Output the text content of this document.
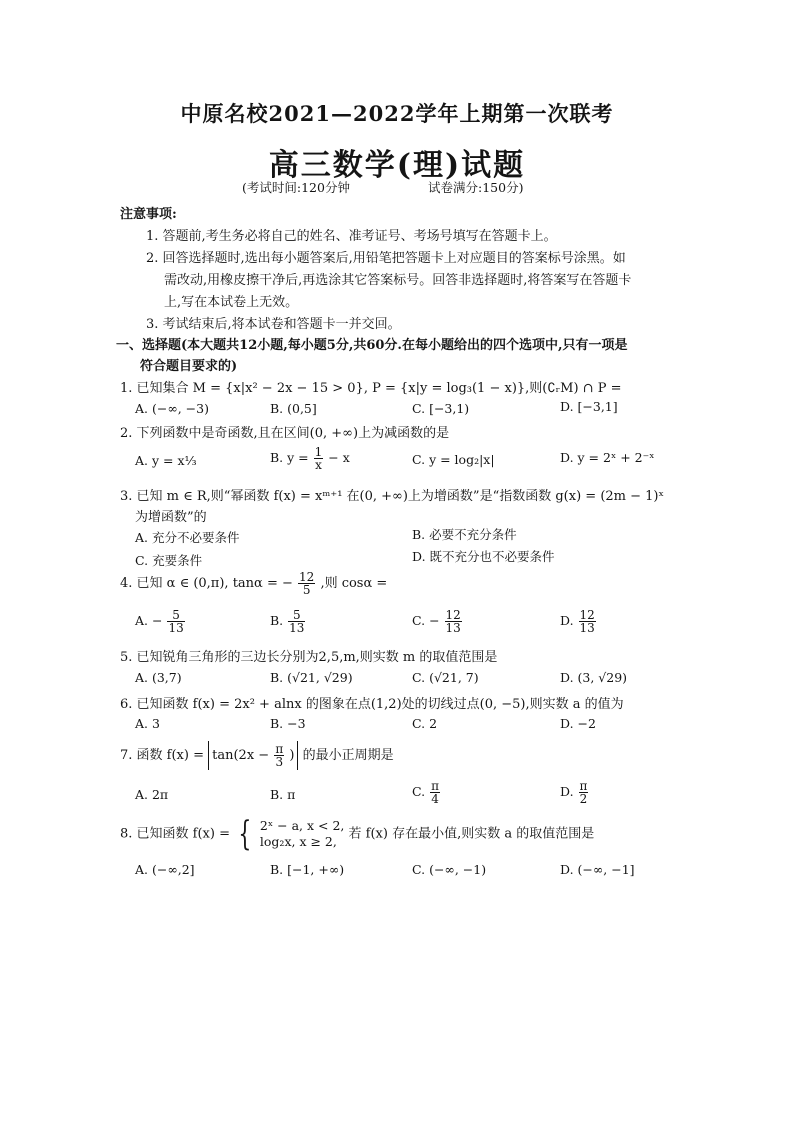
中原名校2021—2022学年上期第一次联考
高三数学(理)试题
(考试时间:120分钟	试卷满分:150分)
注意事项:
1. 答题前,考生务必将自己的姓名、准考证号、考场号填写在答题卡上。
2. 回答选择题时,选出每小题答案后,用铅笔把答题卡上对应题目的答案标号涂黑。如
需改动,用橡皮擦干净后,再选涂其它答案标号。回答非选择题时,将答案写在答题卡
上,写在本试卷上无效。
3. 考试结束后,将本试卷和答题卡一并交回。
一、选择题(本大题共12小题,每小题5分,共60分.在每小题给出的四个选项中,只有一项是
符合题目要求的)
1. 已知集合 M = {x|x² − 2x − 15 > 0}, P = {x|y = log₃(1 − x)},则(∁ᵣM) ∩ P =
A. (−∞, −3)	B. (0,5]	C. [−3,1)	D. [−3,1]
2. 下列函数中是奇函数,且在区间(0, +∞)上为减函数的是
A. y = x⅓	B. $y = \frac{1}{x} - x$	C. y = log₂|x|	D. y = 2ˣ + 2⁻ˣ
3. 已知 m ∈ R,则“幂函数 f(x) = xᵐ⁺¹ 在(0, +∞)上为增函数”是“指数函数 g(x) = (2m − 1)ˣ
为增函数”的
A. 充分不必要条件	B. 必要不充分条件
C. 充要条件	D. 既不充分也不必要条件
4. 已知 α ∈ (0,π), tanα = − $\frac{12}{5}$ ,则 cosα =
A. − $\frac{5}{13}$	B. $\frac{5}{13}$	C. − $\frac{12}{13}$	D. $\frac{12}{13}$
5. 已知锐角三角形的三边长分别为2,5,m,则实数 m 的取值范围是
A. (3,7)	B. (√21, √29)	C. (√21, 7)	D. (3, √29)
6. 已知函数 f(x) = 2x² + alnx 的图象在点(1,2)处的切线过点(0, −5),则实数 a 的值为
A. 3	B. −3	C. 2	D. −2
7. 函数 $f(x) = \tan(2x - \frac{\pi}{3}$ ) 的最小正周期是
A. 2π	B. π	C. $\frac{\pi}{4}$	D. $\frac{\pi}{2}$
8. 已知函数 f(x) = { 2ˣ − a, x < 2,
log₂x, x ≥ 2, 若 f(x) 存在最小值,则实数 a 的取值范围是
A. (−∞,2]	B. [−1, +∞)	C. (−∞, −1)	D. (−∞, −1]
